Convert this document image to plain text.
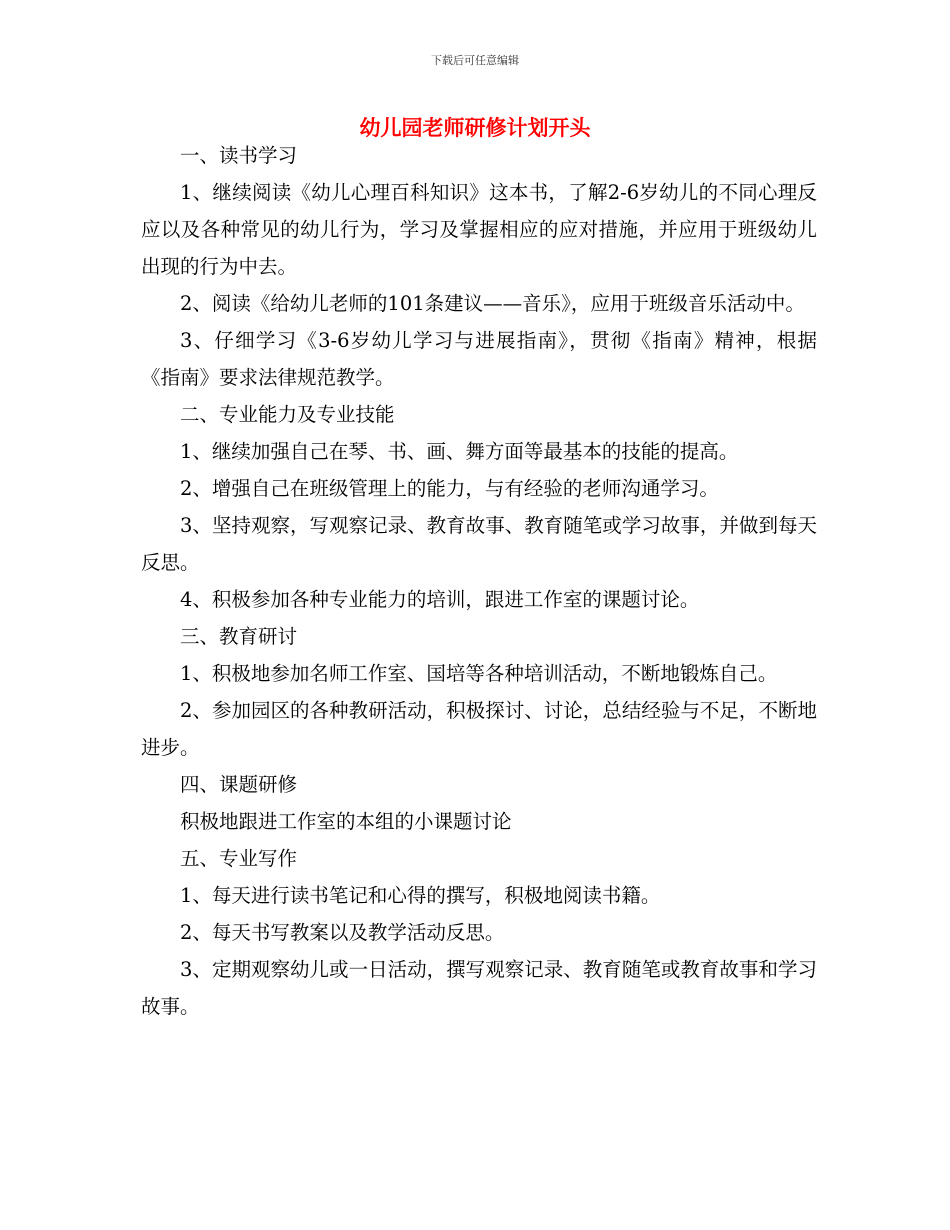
下载后可任意编辑
幼儿园老师研修计划开头

一、读书学习

1、继续阅读《幼儿心理百科知识》这本书，了解2-6岁幼儿的不同心理反应以及各种常见的幼儿行为，学习及掌握相应的应对措施，并应用于班级幼儿出现的行为中去。

2、阅读《给幼儿老师的101条建议——音乐》，应用于班级音乐活动中。

3、仔细学习《3-6岁幼儿学习与进展指南》，贯彻《指南》精神，根据《指南》要求法律规范教学。

二、专业能力及专业技能

1、继续加强自己在琴、书、画、舞方面等最基本的技能的提高。

2、增强自己在班级管理上的能力，与有经验的老师沟通学习。

3、坚持观察，写观察记录、教育故事、教育随笔或学习故事，并做到每天反思。

4、积极参加各种专业能力的培训，跟进工作室的课题讨论。

三、教育研讨

1、积极地参加名师工作室、国培等各种培训活动，不断地锻炼自己。

2、参加园区的各种教研活动，积极探讨、讨论，总结经验与不足，不断地进步。

四、课题研修

积极地跟进工作室的本组的小课题讨论

五、专业写作

1、每天进行读书笔记和心得的撰写，积极地阅读书籍。

2、每天书写教案以及教学活动反思。

3、定期观察幼儿或一日活动，撰写观察记录、教育随笔或教育故事和学习故事。
